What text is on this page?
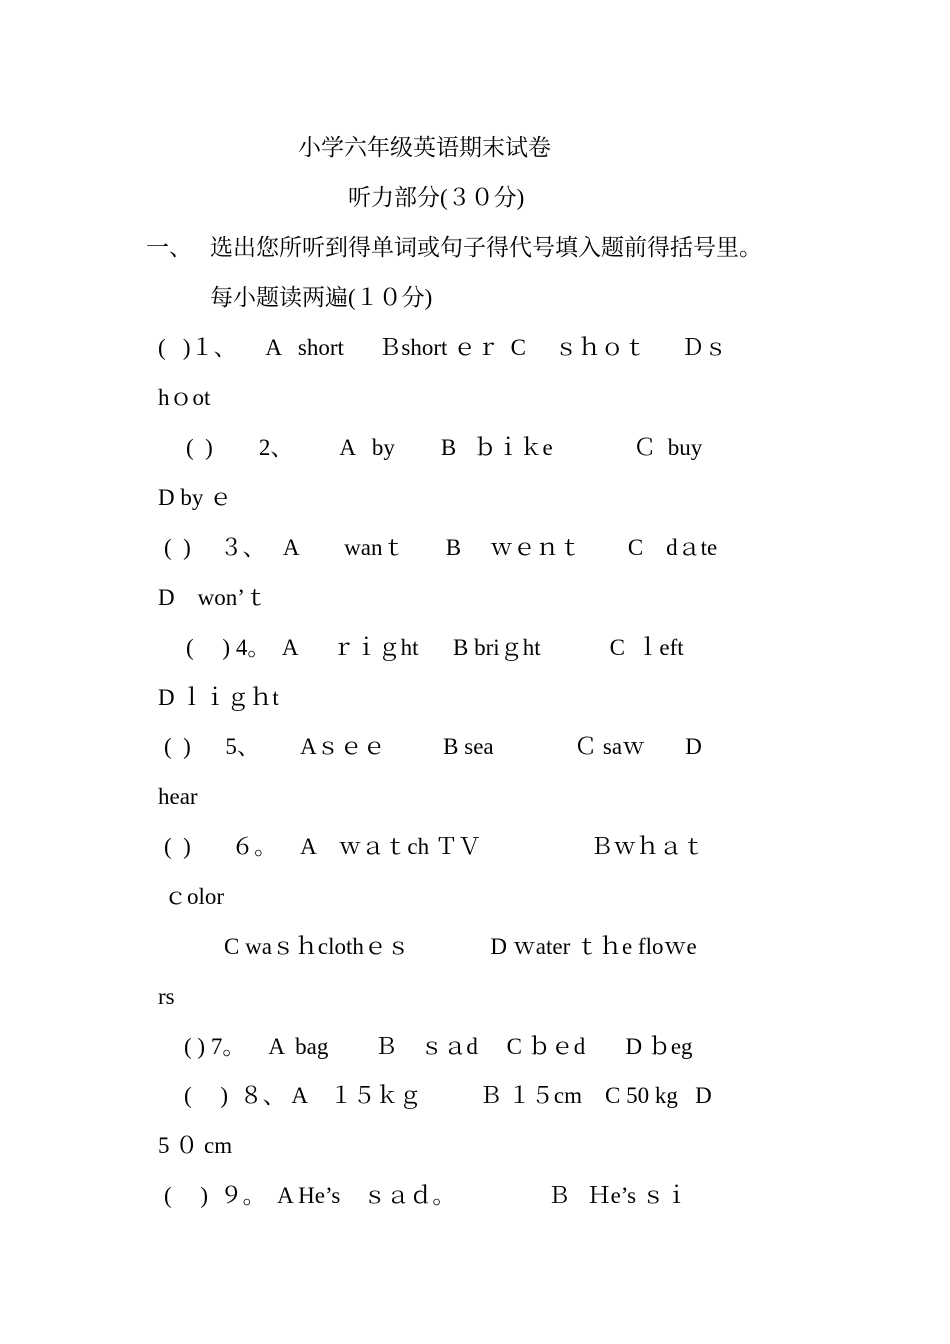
小学六年级英语期末试卷
听力部分(３０分)
一、 选出您所听到得单词或句子得代号填入题前得括号里。
每小题读两遍(１０分)
(   )１、     A   short      Ｂshort ｅｒ  C     ｓｈｏｔ      Ｄｓ
hｏot
(  )        2、        A   by        B   ｂｉｋe              Ｃ  buy
D by ｅ
(  )     ３、   A        wanｔ       B     ｗｅｎｔ        C    dａte
D    won’ｔ
(     ) 4。  A      ｒｉｇht      B briｇht            C  ｌeft
D ｌｉｇｈt
(  )      5、       Aｓｅｅ          B sea              Ｃ saｗ       D
hear
(  )       ６。    A    ｗａｔch ＴＶ                   Ｂｗｈａｔ
ｃolor
C waｓｈclothｅｓ              D ｗater ｔｈe floｗe
rs
( ) 7。    A  bag        Ｂ    ｓａd     C ｂｅd       D ｂeg
(     )  ８、 A    １５ｋｇ          Ｂ １５cm    C 50 kg   D
5 ０ cm
(     )  ９。  A He’s    ｓａｄ。                Ｂ   Ｈe’s ｓｉ
